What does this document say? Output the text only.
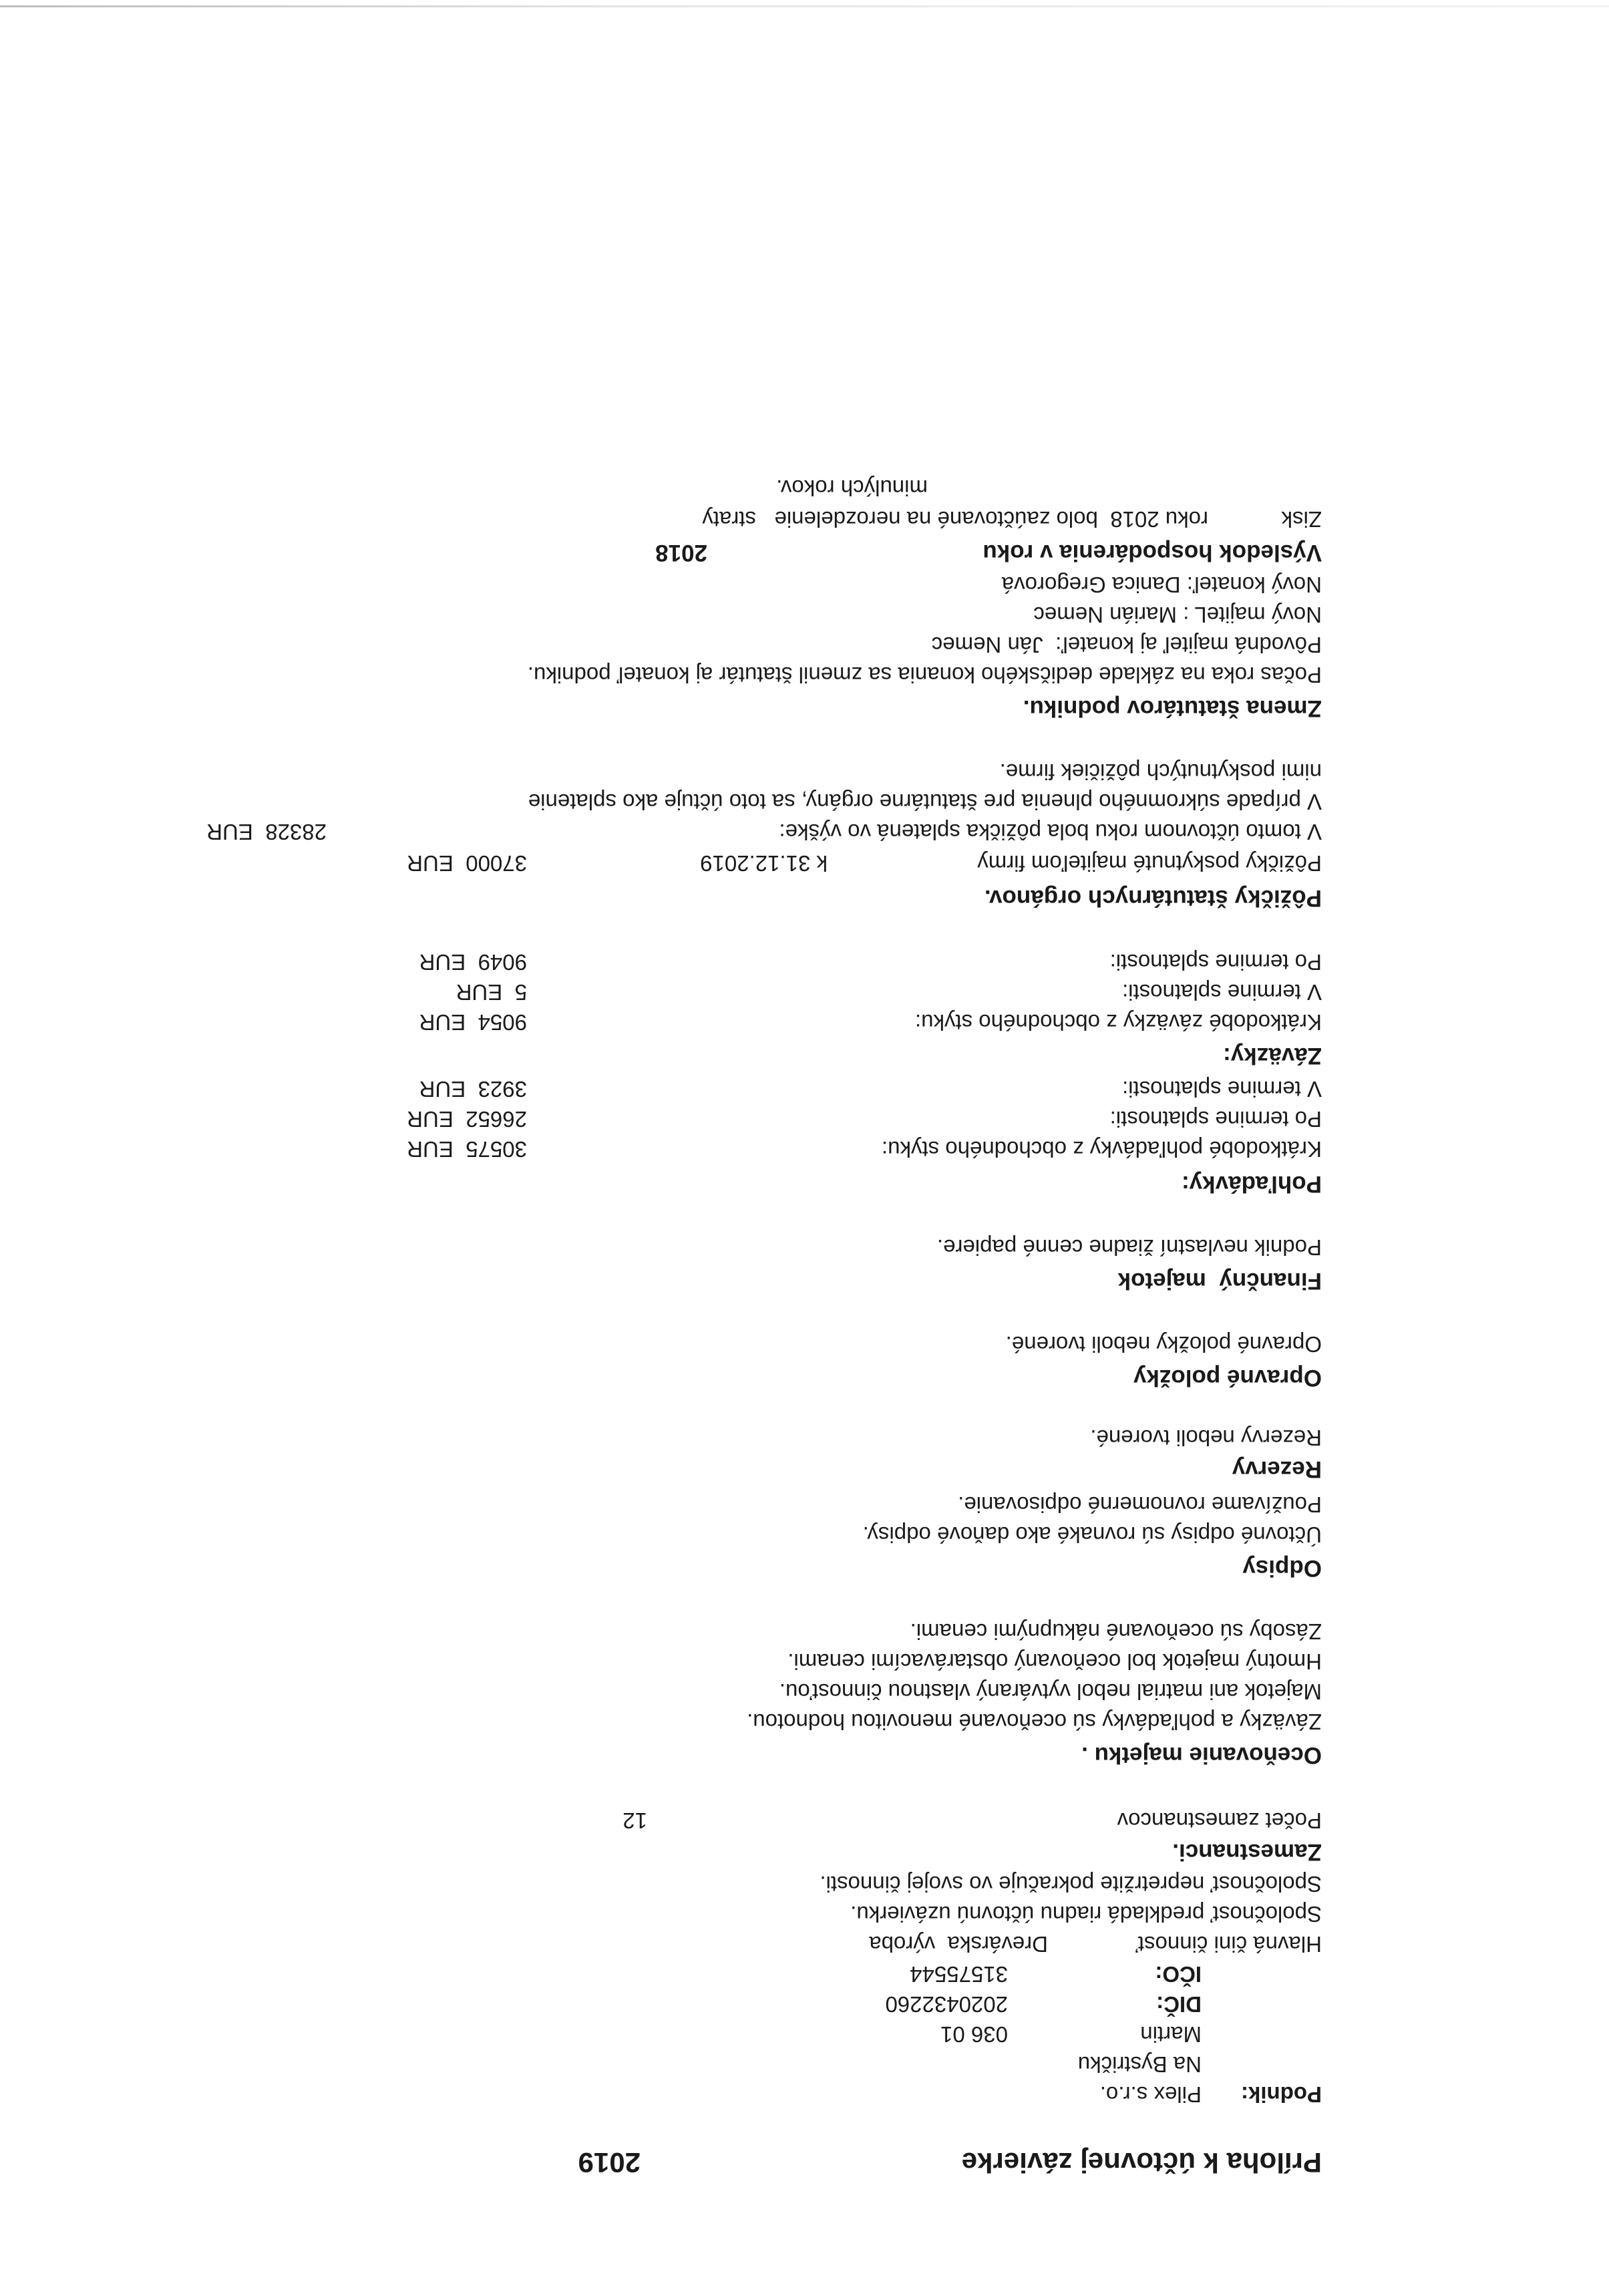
Príloha k účtovnej závierke
2019
Podnik:
Pilex s.r.o.
Na Bystričku
Martin
036 01
DIČ:
2020432260
IČO:
31575544
Hlavná čini činnosť
Drevárska  výroba
Spoločnosť predkladá riadnu účtovnú uzávierku.
Spoločnosť nepretržite pokračuje vo svojej činnosti.
Zamestnanci.
Počet zamestnancov
12
Oceňovanie majetku .
Záväzky a pohľadávky sú oceňované menovitou hodnotou.
Majetok ani matrial nebol vytváraný vlastnou činnosťou.
Hmotný majetok bol oceňovaný obstarávacími cenami.
Zásoby sú oceňované nákupnými cenami.
Odpisy
Účtovné odpisy sú rovnaké ako daňové odpisy.
Používame rovnomerné odpisovanie.
Rezervy
Rezervy neboli tvorené.
Opravné položky
Opravné položky neboli tvorené.
Finančný  majetok
Podnik nevlastní žiadne cenné papiere.
Pohľadávky:
Krátkodobé pohľadávky z obchodného styku:
30575  EUR
Po termine splatnosti:
26652  EUR
V termine splatnosti:
3923  EUR
Záväzky:
Krátkodobé záväzky z obchodného styku:
9054  EUR
V termine splatnosti:
5  EUR
Po termine splatnosti:
9049  EUR
Pôžičky štatutárnych orgánov.
Pôžičky poskytnuté majiteľom firmy
k 31.12.2019
37000  EUR
V tomto účtovnom roku bola pôžička splatená vo výške:
28328  EUR
V prípade súkromného plnenia pre štatutárne orgány, sa toto účtuje ako splatenie
nimi poskytnutých pôžičiek firme.
Zmena štatutárov podniku.
Počas roka na základe dedičského konania sa zmenil štatutár aj konateľ podniku.
Pôvodná majiteľ aj konateľ:  Ján Nemec
Nový majiteL : Marián Nemec
Nový konateľ: Danica Gregorová
Výsledok hospodárenia v roku
2018
Zisk
roku 2018  bolo zaúčtované na nerozdelenie   straty
minulých rokov.
